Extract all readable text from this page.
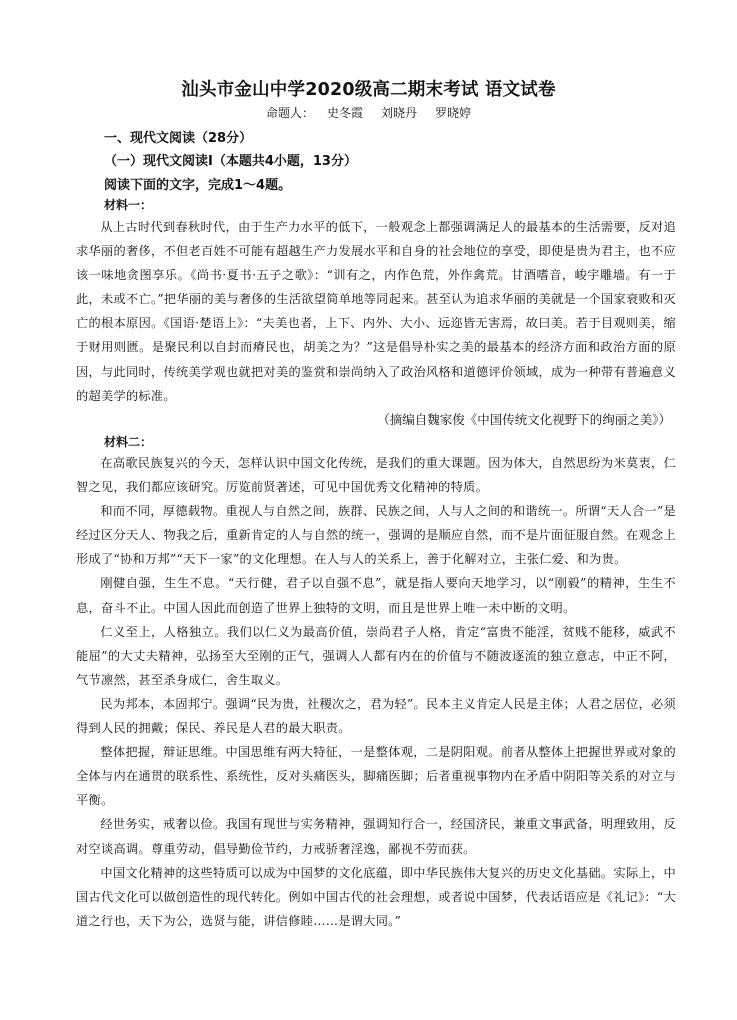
汕头市金山中学2020级高二期末考试 语文试卷
命题人： 史冬霞 刘晓丹 罗晓婷
一、现代文阅读（28分）
（一）现代文阅读Ⅰ（本题共4小题，13分）
阅读下面的文字，完成1～4题。
材料一：

从上古时代到春秋时代，由于生产力水平的低下，一般观念上都强调满足人的最基本的生活需要，反对追求华丽的奢侈，不但老百姓不可能有超越生产力发展水平和自身的社会地位的享受，即使是贵为君主，也不应该一味地贪图享乐。《尚书·夏书·五子之歌》：“训有之，内作色荒，外作禽荒。甘酒嗜音，峻宇雕墙。有一于此，未或不亡。”把华丽的美与奢侈的生活欲望简单地等同起来。甚至认为追求华丽的美就是一个国家衰败和灭亡的根本原因。《国语·楚语上》：“夫美也者，上下、内外、大小、远迩皆无害焉，故曰美。若于目观则美，缩于财用则匮。是聚民利以自封而瘠民也，胡美之为？”这是倡导朴实之美的最基本的经济方面和政治方面的原因，与此同时，传统美学观也就把对美的鉴赏和崇尚纳入了政治风格和道德评价领域，成为一种带有普遍意义的超美学的标准。

（摘编自魏家俊《中国传统文化视野下的绚丽之美》）
材料二：

在高歌民族复兴的今天，怎样认识中国文化传统，是我们的重大课题。因为体大，自然思纷为米莫衷，仁智之见，我们都应该研究。厉览前贤著述，可见中国优秀文化精神的特质。

和而不同，厚德载物。重视人与自然之间，族群、民族之间，人与人之间的和谐统一。所谓“天人合一”是经过区分天人、物我之后，重新肯定的人与自然的统一，强调的是顺应自然，而不是片面征服自然。在观念上形成了“协和万邦”“天下一家”的文化理想。在人与人的关系上，善于化解对立，主张仁爱、和为贵。

刚健自强，生生不息。“天行健，君子以自强不息”，就是指人要向天地学习，以“刚毅”的精神，生生不息，奋斗不止。中国人因此而创造了世界上独特的文明，而且是世界上唯一未中断的文明。

仁义至上，人格独立。我们以仁义为最高价值，崇尚君子人格，肯定“富贵不能淫，贫贱不能移，威武不能屈”的大丈夫精神，弘扬至大至刚的正气，强调人人都有内在的价值与不随波逐流的独立意志，中正不阿，气节凛然，甚至杀身成仁，舍生取义。

民为邦本，本固邦宁。强调“民为贵，社稷次之，君为轻”。民本主义肯定人民是主体；人君之居位，必须得到人民的拥戴；保民、养民是人君的最大职责。

整体把握，辩证思维。中国思维有两大特征，一是整体观，二是阴阳观。前者从整体上把握世界或对象的全体与内在通贯的联系性、系统性，反对头痛医头，脚痛医脚；后者重视事物内在矛盾中阴阳等关系的对立与平衡。

经世务实，戒奢以俭。我国有现世与实务精神，强调知行合一，经国济民，兼重文事武备，明理致用，反对空谈高调。尊重劳动，倡导勤俭节约，力戒骄奢淫逸，鄙视不劳而获。

中国文化精神的这些特质可以成为中国梦的文化底蕴，即中华民族伟大复兴的历史文化基础。实际上，中国古代文化可以做创造性的现代转化。例如中国古代的社会理想，或者说中国梦，代表话语应是《礼记》：“大道之行也，天下为公，选贤与能，讲信修睦……是谓大同。”
